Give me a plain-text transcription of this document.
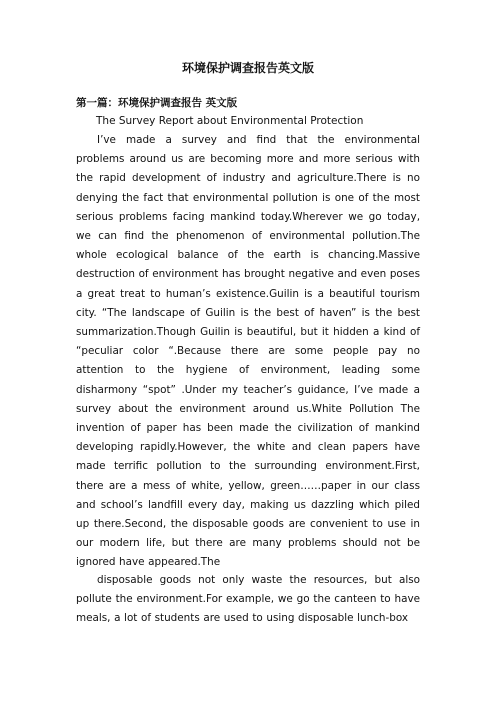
环境保护调查报告英文版
第一篇：环境保护调查报告 英文版
The Survey Report about Environmental Protection

I’ve made a survey and find that the environmental problems around us are becoming more and more serious with the rapid development of industry and agriculture.There is no denying the fact that environmental pollution is one of the most serious problems facing mankind today.Wherever we go today, we can find the phenomenon of environmental pollution.The whole ecological balance of the earth is chancing.Massive destruction of environment has brought negative and even poses a great treat to human’s existence.Guilin is a beautiful tourism city. “The landscape of Guilin is the best of haven” is the best summarization.Though Guilin is beautiful, but it hidden a kind of “peculiar color “.Because there are some people pay no attention to the hygiene of environment, leading some disharmony “spot” .Under my teacher’s guidance, I’ve made a survey about the environment around us.White Pollution The invention of paper has been made the civilization of mankind developing rapidly.However, the white and clean papers have made terrific pollution to the surrounding environment.First, there are a mess of white, yellow, green……paper in our class and school’s landfill every day, making us dazzling which piled up there.Second, the disposable goods are convenient to use in our modern life, but there are many problems should not be ignored have appeared.The

disposable goods not only waste the resources, but also pollute the environment.For example, we go the canteen to have meals, a lot of students are used to using disposable lunch-box
